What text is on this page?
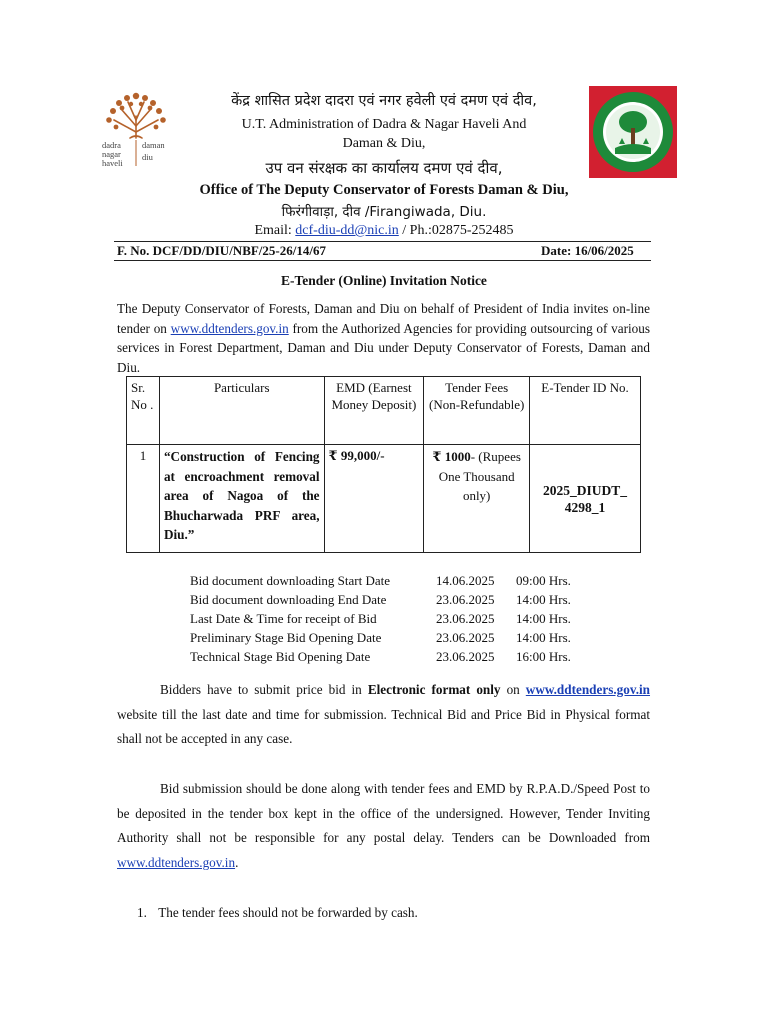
dadra
nagar
haveli
daman
diu
केंद्र शासित प्रदेश दादरा एवं नगर हवेली एवं दमण एवं दीव,
U.T. Administration of Dadra & Nagar Haveli And
Daman & Diu,
उप वन संरक्षक का कार्यालय दमण एवं दीव,
Office of The Deputy Conservator of Forests Daman & Diu,
फिरंगीवाड़ा, दीव /Firangiwada, Diu.
Email: dcf-diu-dd@nic.in / Ph.:02875-252485
F. No. DCF/DD/DIU/NBF/25-26/14/67	Date: 16/06/2025
E-Tender (Online) Invitation Notice
The Deputy Conservator of Forests, Daman and Diu on behalf of President of India invites on-line tender on www.ddtenders.gov.in from the Authorized Agencies for providing outsourcing of various services in Forest Department, Daman and Diu under Deputy Conservator of Forests, Daman and Diu.
Sr. No .	Particulars	EMD (Earnest Money Deposit)	Tender Fees (Non-Refundable)	E-Tender ID No.
1	“Construction of Fencing at encroachment removal area of Nagoa of the Bhucharwada PRF area, Diu.”	₹ 99,000/-	₹ 1000- (Rupees One Thousand only)	2025_DIUDT_ 4298_1
Bid document downloading Start Date	14.06.2025	09:00 Hrs.
Bid document downloading End Date	23.06.2025	14:00 Hrs.
Last Date & Time for receipt of Bid	23.06.2025	14:00 Hrs.
Preliminary Stage Bid Opening Date	23.06.2025	14:00 Hrs.
Technical Stage Bid Opening Date	23.06.2025	16:00 Hrs.
Bidders have to submit price bid in Electronic format only on www.ddtenders.gov.in website till the last date and time for submission. Technical Bid and Price Bid in Physical format shall not be accepted in any case.
Bid submission should be done along with tender fees and EMD by R.P.A.D./Speed Post to be deposited in the tender box kept in the office of the undersigned. However, Tender Inviting Authority shall not be responsible for any postal delay. Tenders can be Downloaded from www.ddtenders.gov.in.
1. The tender fees should not be forwarded by cash.
